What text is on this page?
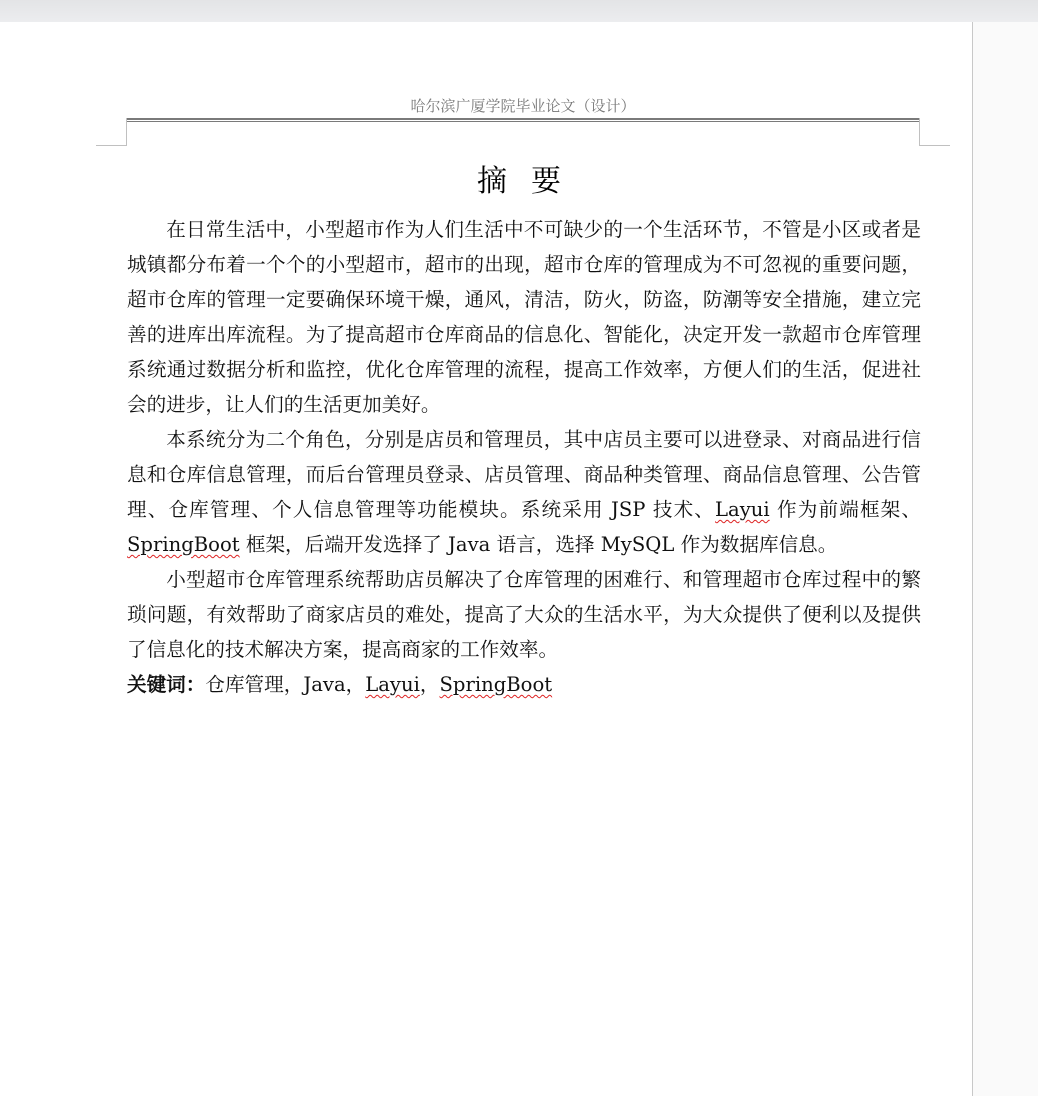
哈尔滨广厦学院毕业论文（设计）
摘要

在日常生活中，小型超市作为人们生活中不可缺少的一个生活环节，不管是小区或者是城镇都分布着一个个的小型超市，超市的出现，超市仓库的管理成为不可忽视的重要问题，超市仓库的管理一定要确保环境干燥，通风，清洁，防火，防盗，防潮等安全措施，建立完善的进库出库流程。为了提高超市仓库商品的信息化、智能化，决定开发一款超市仓库管理系统通过数据分析和监控，优化仓库管理的流程，提高工作效率，方便人们的生活，促进社会的进步，让人们的生活更加美好。

本系统分为二个角色，分别是店员和管理员，其中店员主要可以进登录、对商品进行信息和仓库信息管理，而后台管理员登录、店员管理、商品种类管理、商品信息管理、公告管理、仓库管理、个人信息管理等功能模块。系统采用 JSP 技术、Layui 作为前端框架、SpringBoot 框架，后端开发选择了 Java 语言，选择 MySQL 作为数据库信息。

小型超市仓库管理系统帮助店员解决了仓库管理的困难行、和管理超市仓库过程中的繁琐问题，有效帮助了商家店员的难处，提高了大众的生活水平，为大众提供了便利以及提供了信息化的技术解决方案，提高商家的工作效率。

关键词：仓库管理，Java，Layui，SpringBoot
